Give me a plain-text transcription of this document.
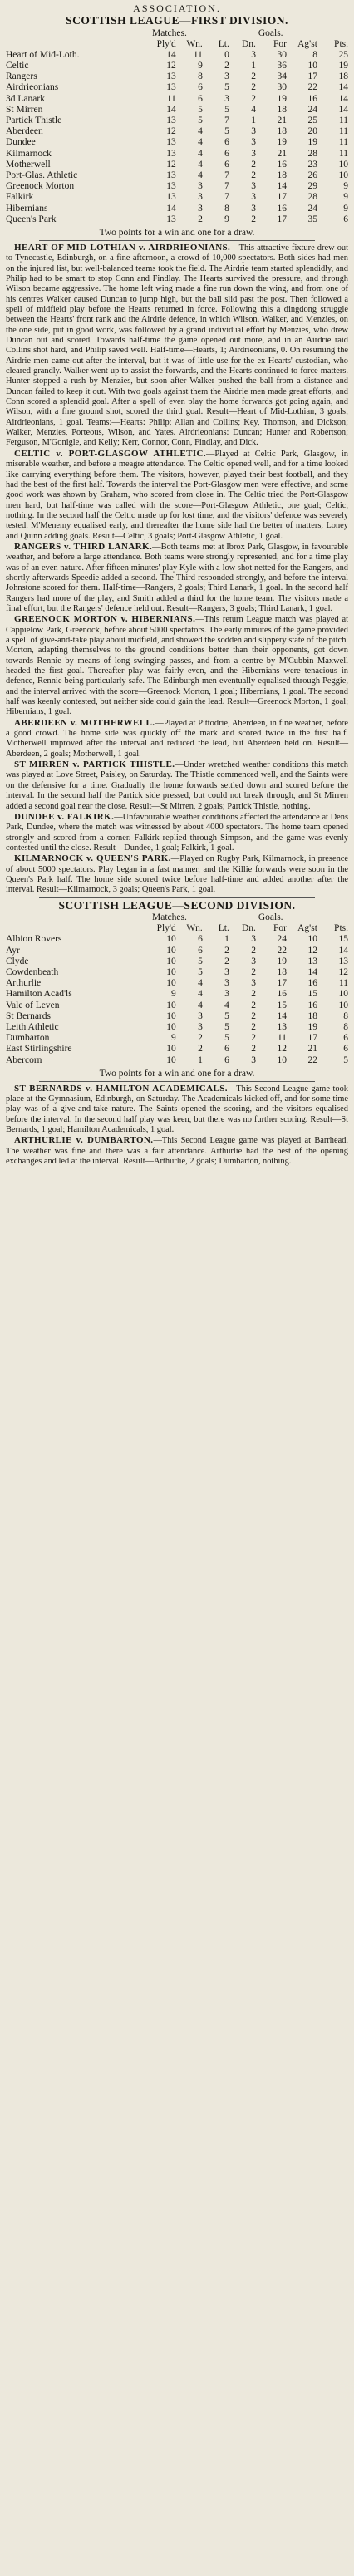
ASSOCIATION.
SCOTTISH LEAGUE—FIRST DIVISION.
Matches.	Goals.
	Ply'd	Wn.	Lt.	Dn.	For	Ag'st	Pts.
Heart of Mid-Loth.	14	11	0	3	30	8	25
Celtic	12	9	2	1	36	10	19
Rangers	13	8	3	2	34	17	18
Airdrieonians	13	6	5	2	30	22	14
3d Lanark	11	6	3	2	19	16	14
St Mirren	14	5	5	4	18	24	14
Partick Thistle	13	5	7	1	21	25	11
Aberdeen	12	4	5	3	18	20	11
Dundee	13	4	6	3	19	19	11
Kilmarnock	13	4	6	3	21	28	11
Motherwell	12	4	6	2	16	23	10
Port-Glas. Athletic	13	4	7	2	18	26	10
Greenock Morton	13	3	7	3	14	29	9
Falkirk	13	3	7	3	17	28	9
Hibernians	14	3	8	3	16	24	9
Queen's Park	13	2	9	2	17	35	6
Two points for a win and one for a draw.

HEART OF MID-LOTHIAN v. AIRDRIEONIANS.—This attractive fixture drew out to Tynecastle, Edinburgh, on a fine afternoon, a crowd of 10,000 spectators. Both sides had men on the injured list, but well-balanced teams took the field. The Airdrie team started splendidly, and Philip had to be smart to stop Conn and Findlay. The Hearts survived the pressure, and through Wilson became aggressive. The home left wing made a fine run down the wing, and from one of his centres Walker caused Duncan to jump high, but the ball slid past the post. Then followed a spell of midfield play before the Hearts returned in force. Following this a dingdong struggle between the Hearts' front rank and the Airdrie defence, in which Wilson, Walker, and Menzies, on the one side, put in good work, was followed by a grand individual effort by Menzies, who drew Duncan out and scored. Towards half-time the game opened out more, and in an Airdrie raid Collins shot hard, and Philip saved well. Half-time—Hearts, 1; Airdrieonians, 0. On resuming the Airdrie men came out after the interval, but it was of little use for the ex-Hearts' custodian, who cleared grandly. Walker went up to assist the forwards, and the Hearts continued to force matters. Hunter stopped a rush by Menzies, but soon after Walker pushed the ball from a distance and Duncan failed to keep it out. With two goals against them the Airdrie men made great efforts, and Conn scored a splendid goal. After a spell of even play the home forwards got going again, and Wilson, with a fine ground shot, scored the third goal. Result—Heart of Mid-Lothian, 3 goals; Airdrieonians, 1 goal. Teams:—Hearts: Philip; Allan and Collins; Key, Thomson, and Dickson; Walker, Menzies, Porteous, Wilson, and Yates. Airdrieonians: Duncan; Hunter and Robertson; Ferguson, M'Gonigle, and Kelly; Kerr, Connor, Conn, Findlay, and Dick.

CELTIC v. PORT-GLASGOW ATHLETIC.—Played at Celtic Park, Glasgow, in miserable weather, and before a meagre attendance. The Celtic opened well, and for a time looked like carrying everything before them. The visitors, however, played their best football, and they had the best of the first half. Towards the interval the Port-Glasgow men were effective, and some good work was shown by Graham, who scored from close in. The Celtic tried the Port-Glasgow men hard, but half-time was called with the score—Port-Glasgow Athletic, one goal; Celtic, nothing. In the second half the Celtic made up for lost time, and the visitors' defence was severely tested. M'Menemy equalised early, and thereafter the home side had the better of matters, Loney and Quinn adding goals. Result—Celtic, 3 goals; Port-Glasgow Athletic, 1 goal.

RANGERS v. THIRD LANARK.—Both teams met at Ibrox Park, Glasgow, in favourable weather, and before a large attendance. Both teams were strongly represented, and for a time play was of an even nature. After fifteen minutes' play Kyle with a low shot netted for the Rangers, and shortly afterwards Speedie added a second. The Third responded strongly, and before the interval Johnstone scored for them. Half-time—Rangers, 2 goals; Third Lanark, 1 goal. In the second half Rangers had more of the play, and Smith added a third for the home team. The visitors made a final effort, but the Rangers' defence held out. Result—Rangers, 3 goals; Third Lanark, 1 goal.

GREENOCK MORTON v. HIBERNIANS.—This return League match was played at Cappielow Park, Greenock, before about 5000 spectators. The early minutes of the game provided a spell of give-and-take play about midfield, and showed the sodden and slippery state of the pitch. Morton, adapting themselves to the ground conditions better than their opponents, got down towards Rennie by means of long swinging passes, and from a centre by M'Cubbin Maxwell headed the first goal. Thereafter play was fairly even, and the Hibernians were tenacious in defence, Rennie being particularly safe. The Edinburgh men eventually equalised through Peggie, and the interval arrived with the score—Greenock Morton, 1 goal; Hibernians, 1 goal. The second half was keenly contested, but neither side could gain the lead. Result—Greenock Morton, 1 goal; Hibernians, 1 goal.

ABERDEEN v. MOTHERWELL.—Played at Pittodrie, Aberdeen, in fine weather, before a good crowd. The home side was quickly off the mark and scored twice in the first half. Motherwell improved after the interval and reduced the lead, but Aberdeen held on. Result—Aberdeen, 2 goals; Motherwell, 1 goal.

ST MIRREN v. PARTICK THISTLE.—Under wretched weather conditions this match was played at Love Street, Paisley, on Saturday. The Thistle commenced well, and the Saints were on the defensive for a time. Gradually the home forwards settled down and scored before the interval. In the second half the Partick side pressed, but could not break through, and St Mirren added a second goal near the close. Result—St Mirren, 2 goals; Partick Thistle, nothing.

DUNDEE v. FALKIRK.—Unfavourable weather conditions affected the attendance at Dens Park, Dundee, where the match was witnessed by about 4000 spectators. The home team opened strongly and scored from a corner. Falkirk replied through Simpson, and the game was evenly contested until the close. Result—Dundee, 1 goal; Falkirk, 1 goal.

KILMARNOCK v. QUEEN'S PARK.—Played on Rugby Park, Kilmarnock, in presence of about 5000 spectators. Play began in a fast manner, and the Killie forwards were soon in the Queen's Park half. The home side scored twice before half-time and added another after the interval. Result—Kilmarnock, 3 goals; Queen's Park, 1 goal.

SCOTTISH LEAGUE—SECOND DIVISION.
Matches.	Goals.
	Ply'd	Wn.	Lt.	Dn.	For	Ag'st	Pts.
Albion Rovers	10	6	1	3	24	10	15
Ayr	10	6	2	2	22	12	14
Clyde	10	5	2	3	19	13	13
Cowdenbeath	10	5	3	2	18	14	12
Arthurlie	10	4	3	3	17	16	11
Hamilton Acad'ls	9	4	3	2	16	15	10
Vale of Leven	10	4	4	2	15	16	10
St Bernards	10	3	5	2	14	18	8
Leith Athletic	10	3	5	2	13	19	8
Dumbarton	9	2	5	2	11	17	6
East Stirlingshire	10	2	6	2	12	21	6
Abercorn	10	1	6	3	10	22	5
Two points for a win and one for a draw.

ST BERNARDS v. HAMILTON ACADEMICALS.—This Second League game took place at the Gymnasium, Edinburgh, on Saturday. The Academicals kicked off, and for some time play was of a give-and-take nature. The Saints opened the scoring, and the visitors equalised before the interval. In the second half play was keen, but there was no further scoring. Result—St Bernards, 1 goal; Hamilton Academicals, 1 goal.

ARTHURLIE v. DUMBARTON.—This Second League game was played at Barrhead. The weather was fine and there was a fair attendance. Arthurlie had the best of the opening exchanges and led at the interval. Result—Arthurlie, 2 goals; Dumbarton, nothing.
